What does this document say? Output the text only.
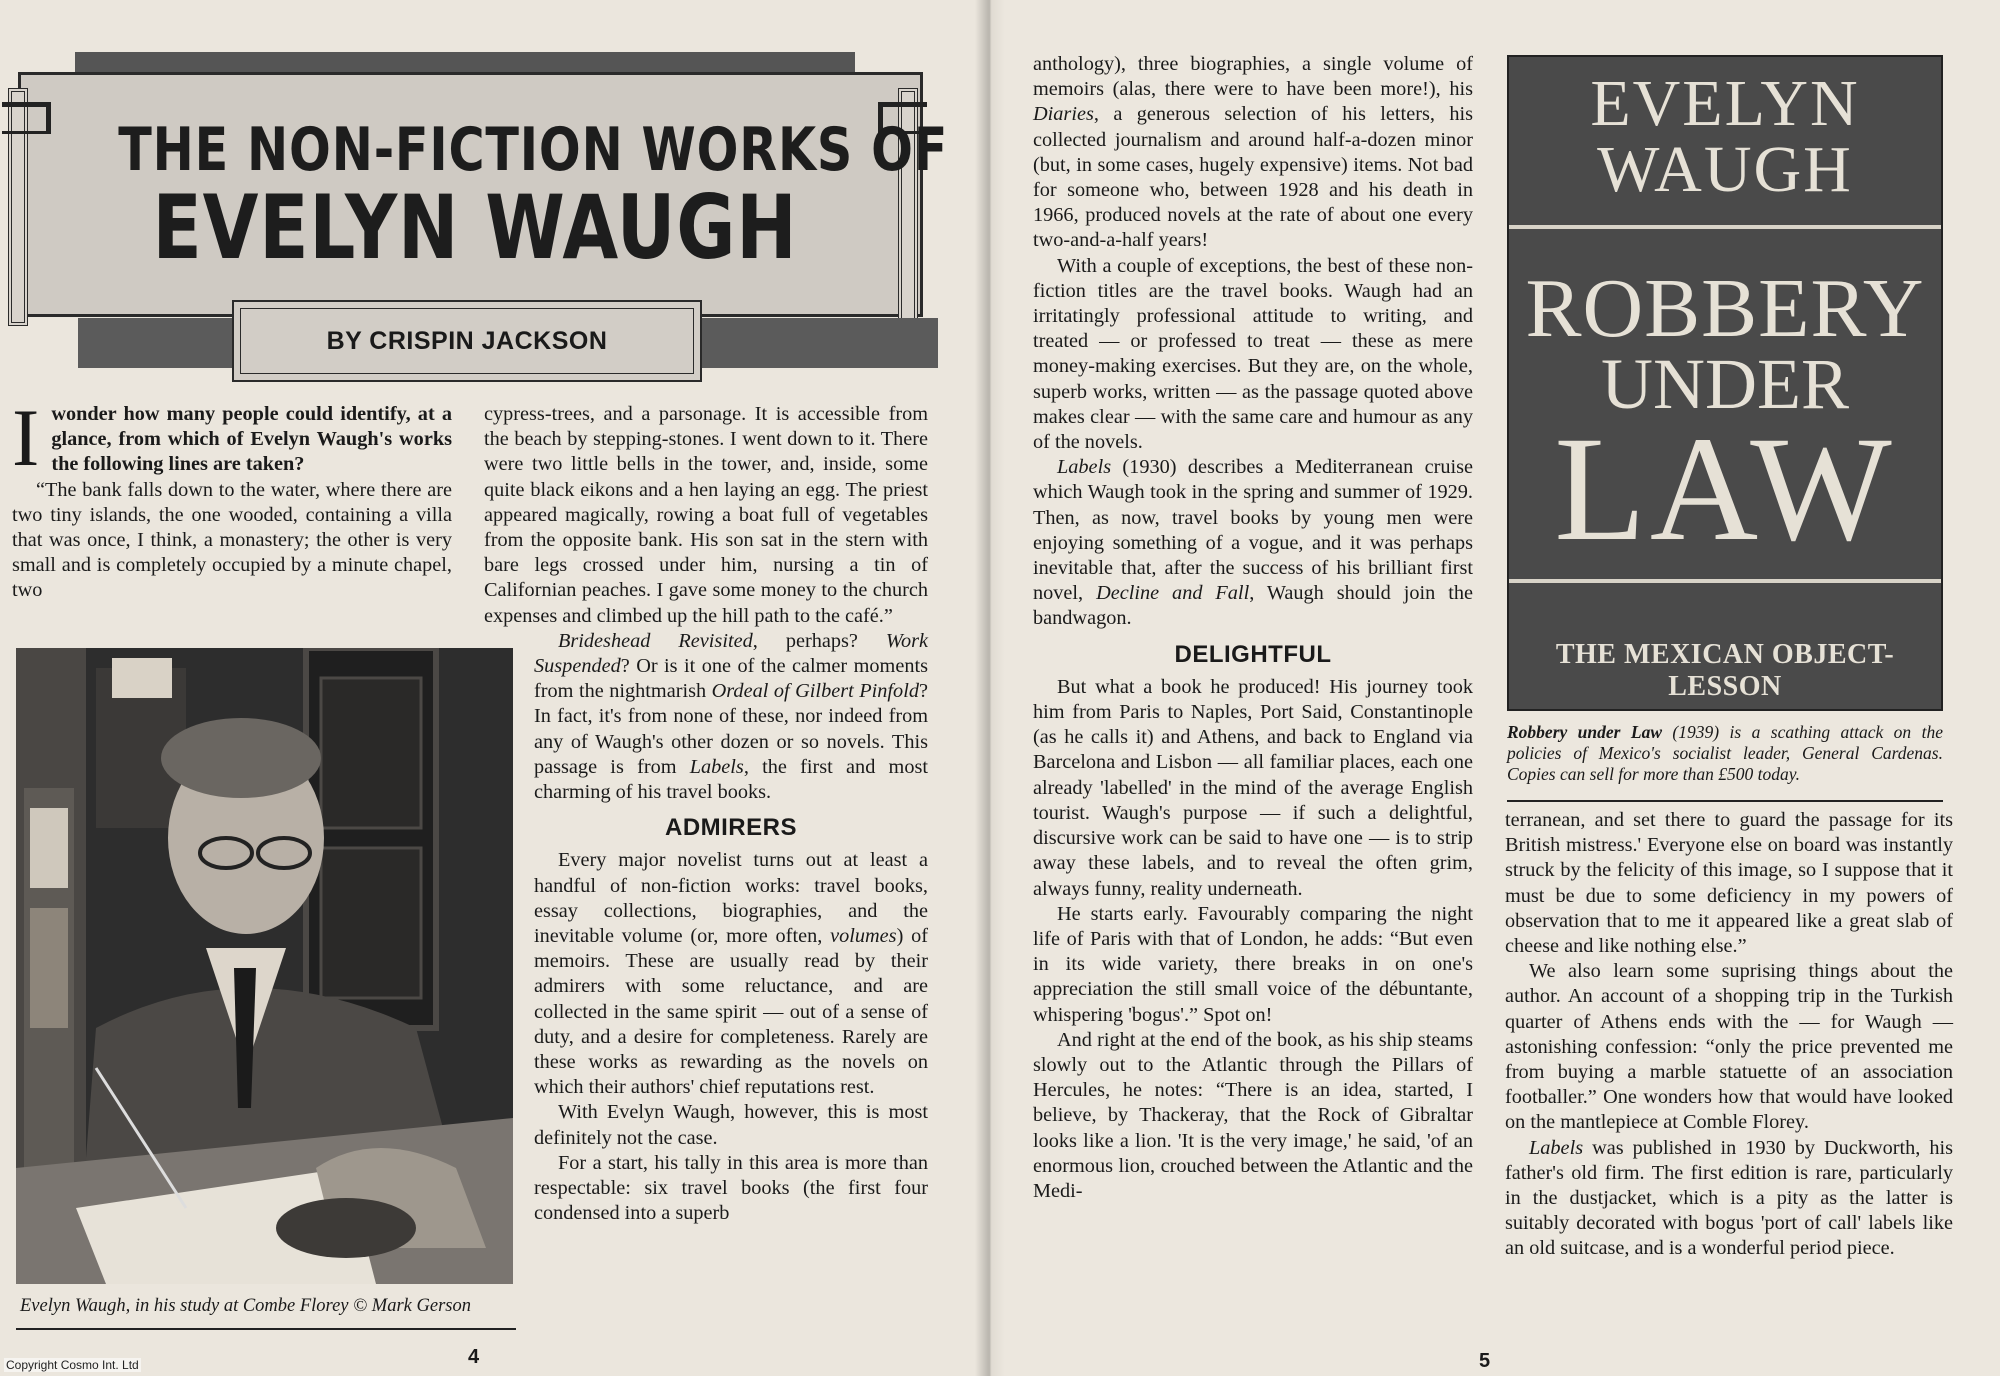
THE NON-FICTION WORKS OF
EVELYN WAUGH
BY CRISPIN JACKSON

Iwonder how many people could identify, at a glance, from which of Evelyn Waugh's works the following lines are taken?

“The bank falls down to the water, where there are two tiny islands, the one wooded, containing a villa that was once, I think, a monastery; the other is very small and is completely occupied by a minute chapel, two

Evelyn Waugh, in his study at Combe Florey © Mark Gerson
4
Copyright Cosmo Int. Ltd

cypress-trees, and a parsonage. It is accessible from the beach by stepping-stones. I went down to it. There were two little bells in the tower, and, inside, some quite black eikons and a hen laying an egg. The priest appeared magically, rowing a boat full of vegetables from the opposite bank. His son sat in the stern with bare legs crossed under him, nursing a tin of Californian peaches. I gave some money to the church expenses and climbed up the hill path to the café.”

Brideshead Revisited, perhaps? Work Suspended? Or is it one of the calmer moments from the nightmarish Ordeal of Gilbert Pinfold? In fact, it's from none of these, nor indeed from any of Waugh's other dozen or so novels. This passage is from Labels, the first and most charming of his travel books.

ADMIRERS

Every major novelist turns out at least a handful of non-fiction works: travel books, essay collections, biographies, and the inevitable volume (or, more often, volumes) of memoirs. These are usually read by their admirers with some reluctance, and are collected in the same spirit — out of a sense of duty, and a desire for completeness. Rarely are these works as rewarding as the novels on which their authors' chief reputations rest.

With Evelyn Waugh, however, this is most definitely not the case.

For a start, his tally in this area is more than respectable: six travel books (the first four condensed into a superb

anthology), three biographies, a single volume of memoirs (alas, there were to have been more!), his Diaries, a generous selection of his letters, his collected journalism and around half-a-dozen minor (but, in some cases, hugely expensive) items. Not bad for someone who, between 1928 and his death in 1966, produced novels at the rate of about one every two-and-a-half years!

With a couple of exceptions, the best of these non-fiction titles are the travel books. Waugh had an irritatingly professional attitude to writing, and treated — or professed to treat — these as mere money-making exercises. But they are, on the whole, superb works, written — as the passage quoted above makes clear — with the same care and humour as any of the novels.

Labels (1930) describes a Mediterranean cruise which Waugh took in the spring and summer of 1929. Then, as now, travel books by young men were enjoying something of a vogue, and it was perhaps inevitable that, after the success of his brilliant first novel, Decline and Fall, Waugh should join the bandwagon.

DELIGHTFUL

But what a book he produced! His journey took him from Paris to Naples, Port Said, Constantinople (as he calls it) and Athens, and back to England via Barcelona and Lisbon — all familiar places, each one already 'labelled' in the mind of the average English tourist. Waugh's purpose — if such a delightful, discursive work can be said to have one — is to strip away these labels, and to reveal the often grim, always funny, reality underneath.

He starts early. Favourably comparing the night life of Paris with that of London, he adds: “But even in its wide variety, there breaks in on one's appreciation the still small voice of the débuntante, whispering 'bogus'.” Spot on!

And right at the end of the book, as his ship steams slowly out to the Atlantic through the Pillars of Hercules, he notes: “There is an idea, started, I believe, by Thackeray, that the Rock of Gibraltar looks like a lion. 'It is the very image,' he said, 'of an enormous lion, crouched between the Atlantic and the Medi-

EVELYN
WAUGH
ROBBERY
UNDER
LAW
THE MEXICAN OBJECT-LESSON
Robbery under Law (1939) is a scathing attack on the policies of Mexico's socialist leader, General Cardenas. Copies can sell for more than £500 today.

terranean, and set there to guard the passage for its British mistress.' Everyone else on board was instantly struck by the felicity of this image, so I suppose that it must be due to some deficiency in my powers of observation that to me it appeared like a great slab of cheese and like nothing else.”

We also learn some suprising things about the author. An account of a shopping trip in the Turkish quarter of Athens ends with the — for Waugh — astonishing confession: “only the price prevented me from buying a marble statuette of an association footballer.” One wonders how that would have looked on the mantlepiece at Comble Florey.

Labels was published in 1930 by Duckworth, his father's old firm. The first edition is rare, particularly in the dustjacket, which is a pity as the latter is suitably decorated with bogus 'port of call' labels like an old suitcase, and is a wonderful period piece.

5
